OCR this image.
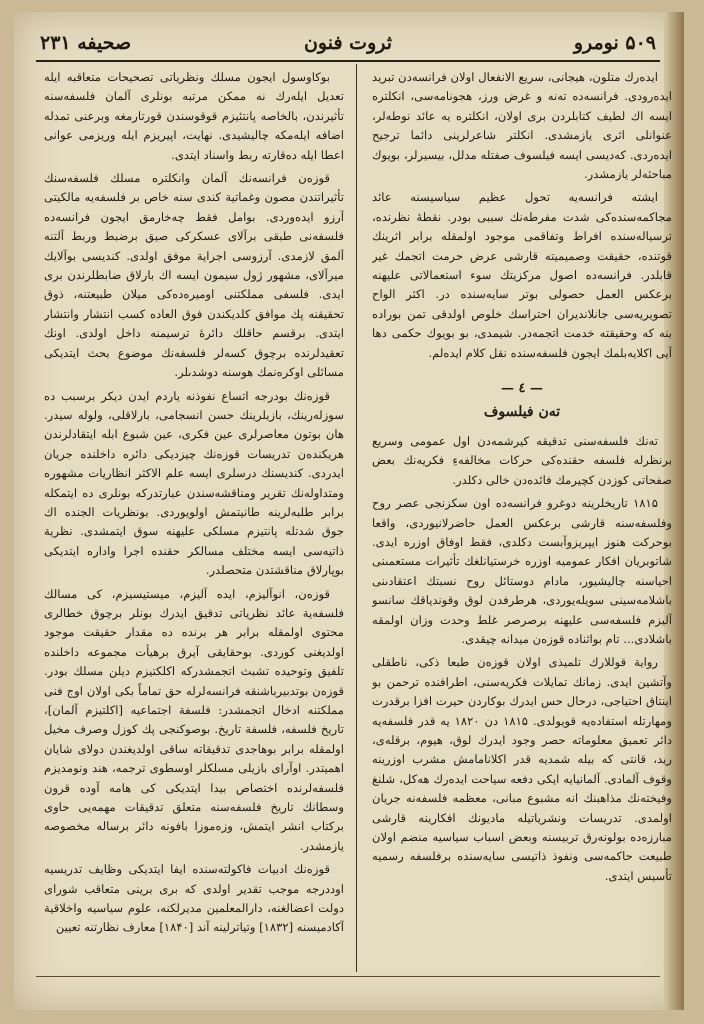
۵۰۹ نومرو
ثروت فنون
صحيفه ۲۳۱

ايدەرك متلون، هيجانى، سريع الانفعال اولان فرانسەدن تبريد ايدەرودى. فرانسەدە تەنە و غرض ورز، هجونامەسى، انكلتره ايسە اك لطيف كتابلردن برى اولان، انكلتره يە عائد نوطەلر، عنوانلى اثرى يازمشدى. انكلتر شاعرلرينى دائما ترجيح ايدەردى. كەديسى ايسە فيلسوف صفتلە مدلل، بيسيرلر، بويوك مباحثەلر يازمشدر.

ايشتە فرانسەيە تحول عظيم سياسيسنە عائد مجاكمەسندەكى شدت مفرطەنك سببى بودر. نقطۀ نظرندە، ترسيالەسندە افراط وتفاقمى موجود اولمقلە برابر اثرينك قوتندە، حقيقت وصميميتە قارشى عرض حرمت اتجمك غير قابلدر. فرانسەدە اصول مركزيتك سوء استعمالاتى عليهنە برعكس العمل حصولى بوتر سايەسندە در. اكثر الواح تصويريەسى جانلانديران احتراسك خلوص اولدقى تمن بورادە بنە كە وحقيقتە خدمت اتجمەدر. شيمدى، بو بويوك حكمى دها آيى اكلايەبلمك ايجون فلسفەسندە نقل كلام ايدەلم.

— ٤ —
تەن فيلسوف

تەنك فلسفەسنى تدقيقە كيرشمەدن اول عمومى وسريع برنظرلە فلسفە حقندەكى حركات مخالفەءِ فكريەنك بعض صفحاتى كوزدن كچيرمك فائدەدن خالى دكلدر.

۱۸۱۵ تاريخلرينە دوغرو فرانسەدە اون سكزنجى عصر روح وفلسفەسنە قارشى برعكس العمل حاضرلانيوردى، واقعا بوحركت هنوز ايپريزوآبست دكلدى، فقط اوفاق اوزرە ايدى. شاتوبريان افكار عموميە اوزرە خرستيانلغك تأثيرات مستعمىنى احياسنە چاليشيور، مادام دوستائل روح نسبتك اعتقادىنى باشلامەسينى سويلەيوردى، هرطرفدن لوق وقوندياقك سانسو آليزم فلسفەسى عليهنە برصرصر غلط وحدت وزان اولمقە باشلادى... تام بواثنادە قوزەن ميدانە چيقدى.

رواية قوللارك تلميذى اولان قوزەن طبعا ذكى، ناطقلى وآتشين ايدى. زمانك تمايلات فكريەسنى، اطرافندە ترحمن بو اينتاق احتياجى، درحال حس ايدرك بوكاردن حيرت افزا برقدرت ومهارتلە استفادەيە قويولدى. ۱۸۱۵ دن ۱۸۲۰ يە قدر فلسفەيە دائر تعميق معلوماتە حصر وجود ايدرك لوق، هيوم، برقلەى، ريد، قانتى كه بيله شمديە قدر اكلانامامش مشرب اوزرينە وقوف آلمادى. آلمانيايە ايكى دفعە سياحت ايدەرك هەكل، شلنغ وفيختەنك مذاهبنك انە مشبوع مبانى، معظمە فلسفەنە جريان اولمدى. تدريسات ونشرياتيلە ماديونك افكارينە قارشى مبارزەدە بولونەرق تربيسنە وبعض اسباب سياسيە منضم اولان طبيعت حاكمەسى ونفوذ ذاتيسى سايەسندە برفلسفە رسميە تأسيس ايتدى.

بوكاوسول ايجون مسلك ونظرياتى تصحيحات متعاقبە ايلە تعديل ايلەرك نه ممكن مرتبە بونلرى آلمان فلسفەسنە تأثيرندن، بالخاصه پانتئيزم قوقوسندن قورتارمغە وبرعنى تمدلە اضافە ايلەمكە چاليشيدى. نهايت، اپيريزم ايله وريزمى عوانى اعطا ايله دەقارتە ربط واسناد ايتدى.

قوزەن فرانسەنك آلمان وانكلترە مسلك فلسفەسنك تأثيراتندن مصون وغماتية كندى سنە خاص بر فلسفەيە مالكيتى آرزو ايدەوردى. بوامل فقط چەخارمق ايجون فرانسەدە فلسفەنى طبقى برآلاى عسكركى صيق برضبط وربط آلتنە آلمق لازمدى. آرزوسى اجراية موفق اولدى. كنديسى بوآلايك ميرآلاى، مشهور ژول سيمون ايسە اك بارلاق ضابطلرندن برى ايدى. فلسفى مملكتنى اوميرەدەكى ميلان طبيعتنە، ذوق تحقيقنە پك موافق كلديكندن فوق العادە كسب انتشار وانتشار ايتدى. برقسم حاقلك دائرۀ ترسيمنە داخل اولدى. اونك تعقيدلرندە برچوق كسەلر فلسفەنك موضوع بحث ايتديكى مسائلى اوكرەنمك هوسنە دوشدىلر.

قوزەنك بودرجە اتساع نفوذنە ياردم ايدن ديكر برسبب دە سوزلەرينك، بازيلرينك حسن انسجامى، بارلاقلى، ولوله سيدر. هان بوتون معاصرلرى عين فكرى، عين شبوع ابلە ايتقادلرندن هريكندەن تدريسات قوزەنك چيزديكى دائرە داخلندە جريان ايدردى. كنديسنك درسلرى ايسە علم الاكثر انظاريات مشهورە ومتداولەنك تقرير ومناقشەسندن عبارتدركە بونلرى دە ايتمكلە برابر طلبەلرينە طانيتمش اولويوردى. بونظريات الجندە اك جوق شدتلە پانتيزم مسلكى عليهنە سوق ايتمشدى. نظرية ذاتيەسى ايسە مختلف مسالكر حقندە اجرا وادارە ايتديكى بوپارلاق مناقشتدن متحصلدر.

قوزەن، انوآليزم، ايدە آليزم، ميستيسيزم، كى مسالك فلسفەية عائد نظرياتى تدقيق ايدرك بونلر برچوق خطالرى محتوى اولمقلە برابر هر برنده دە مقدار حقيقت موجود اولديغنى كوردى. بوحقايقى آيرق برهيأت مجموعە داخلندە تلفيق وتوحيدە تشبث اتجمشدركە اكلكتيزم ديلن مسلك بودر. قوزەن بوتدبيرباشنقە فرانسەلرلە حق تماماً بكى اولان اوج فنى مملكتنە ادخال اتجمشدر: فلسفة اجتماعيه [اكلتيزم آلمان]، تاريخ فلسفه، فلسفة تاريخ. بوصوكنجى پك كوزل وصرف مخيل اولمقلە برابر بوهاجدى تدقيقاتە ساقى اولديغندن دولاى شايان اهميتدر. اوآراى بازيلى مسلكلر اوسطوى ترجمە، هند ونومديزم فلسفەلرندە اختصاص بيدا ايتديكى كى هامە آوده قرون وسطانك تاريخ فلسفەسنە متعلق تدقيقات مهمەيى حاوى بركتاب انشر ايتمش، وزەموزا بافونە دائر برسالە مخصوصە يازمشدر.

قوزەنك ادبيات فاكولتەسندە ايفا ايتديكى وظايف تدريسيە اوددرجە موجب تقدير اولدى كە برى برينى متعاقب شوراى دولت اعضالغنە، دارالمعلمين مديرلكنە، علوم سياسيە واخلاقية آكادميسنە [۱۸۳۲] وتياترلينە آند [۱۸۴۰] معارف نظارتنە تعيين
